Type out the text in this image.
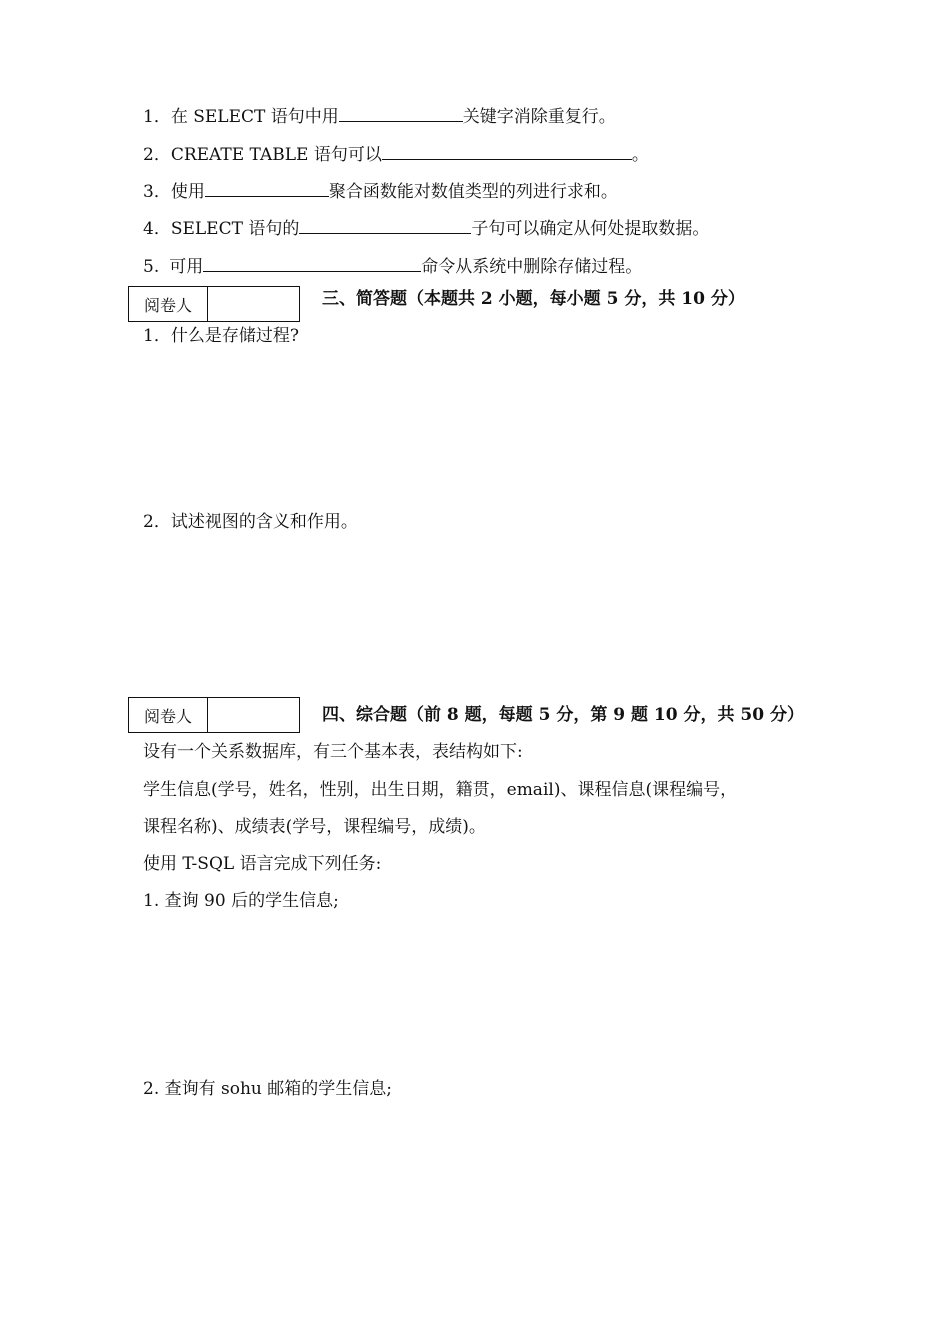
1．在 SELECT 语句中用	关键字消除重复行。
2．CREATE TABLE 语句可以	。
3．使用	聚合函数能对数值类型的列进行求和。
4．SELECT 语句的	子句可以确定从何处提取数据。
5. 可用	命令从系统中删除存储过程。
阅卷人	三、简答题（本题共 2 小题，每小题 5 分，共 10 分）
1．什么是存储过程?
2．试述视图的含义和作用。
阅卷人	四、综合题（前 8 题，每题 5 分，第 9 题 10 分，共 50 分）
设有一个关系数据库，有三个基本表，表结构如下:
学生信息(学号，姓名，性别，出生日期，籍贯，email)、课程信息(课程编号，
课程名称)、成绩表(学号，课程编号，成绩)。
使用 T-SQL 语言完成下列任务:
1. 查询 90 后的学生信息;
2. 查询有 sohu 邮箱的学生信息;
